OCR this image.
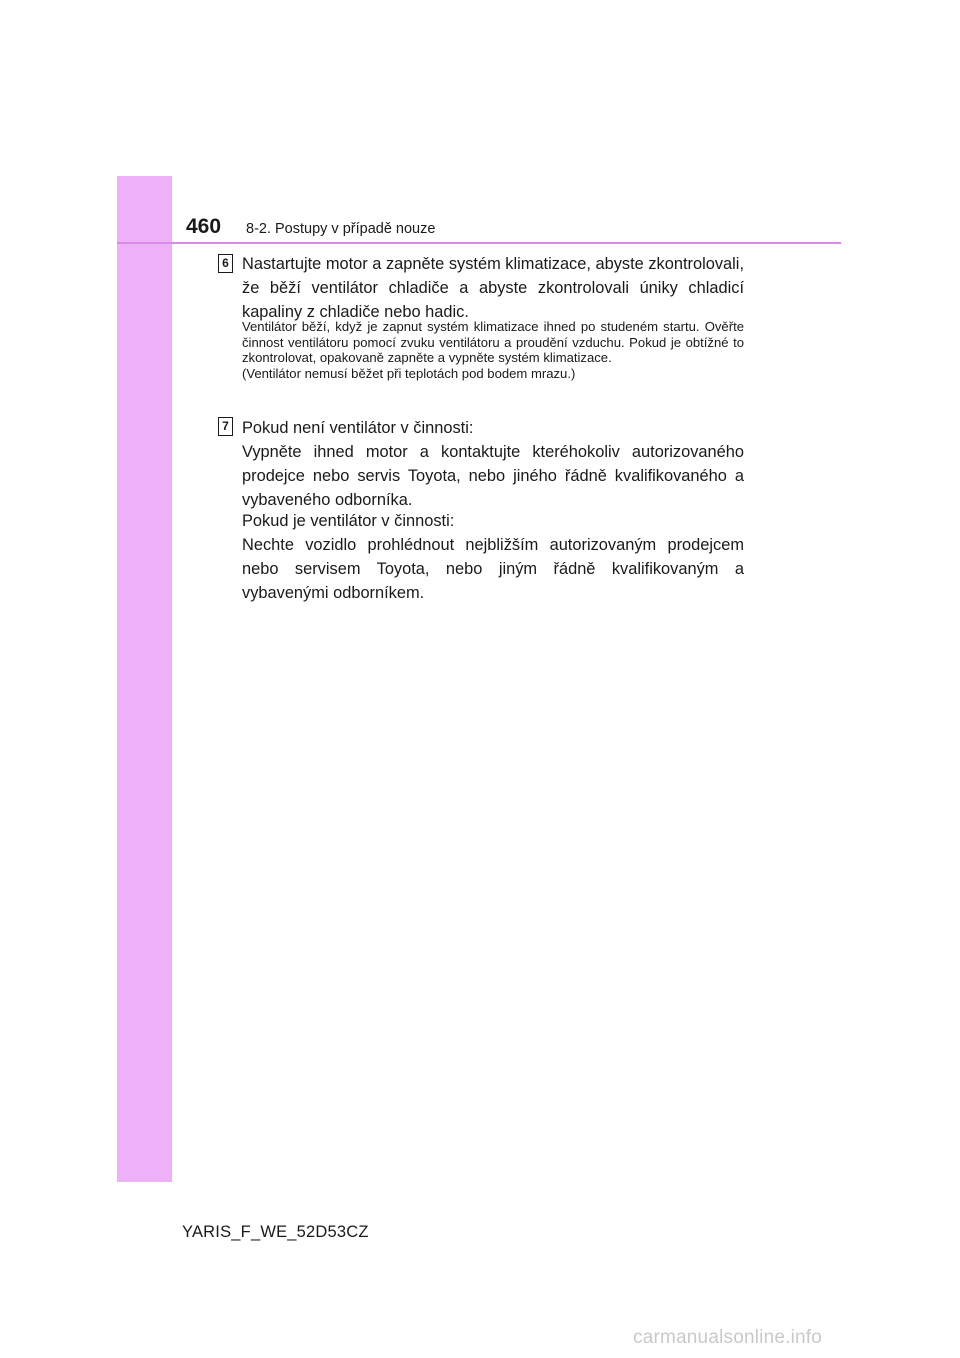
460 8-2. Postupy v případě nouze
6 Nastartujte motor a zapněte systém klimatizace, abyste zkontrolovali, že běží ventilátor chladiče a abyste zkontrolovali úniky chladicí kapaliny z chladiče nebo hadic.

Ventilátor běží, když je zapnut systém klimatizace ihned po studeném startu. Ověřte činnost ventilátoru pomocí zvuku ventilátoru a proudění vzduchu. Pokud je obtížné to zkontrolovat, opakovaně zapněte a vypněte systém klimatizace.
(Ventilátor nemusí běžet při teplotách pod bodem mrazu.)

7 Pokud není ventilátor v činnosti:
Vypněte ihned motor a kontaktujte kteréhokoliv autorizovaného prodejce nebo servis Toyota, nebo jiného řádně kvalifikovaného a vybaveného odborníka.

Pokud je ventilátor v činnosti:
Nechte vozidlo prohlédnout nejbližším autorizovaným prodejcem nebo servisem Toyota, nebo jiným řádně kvalifikovaným a vybavenými odborníkem.

YARIS_F_WE_52D53CZ
carmanualsonline.info
